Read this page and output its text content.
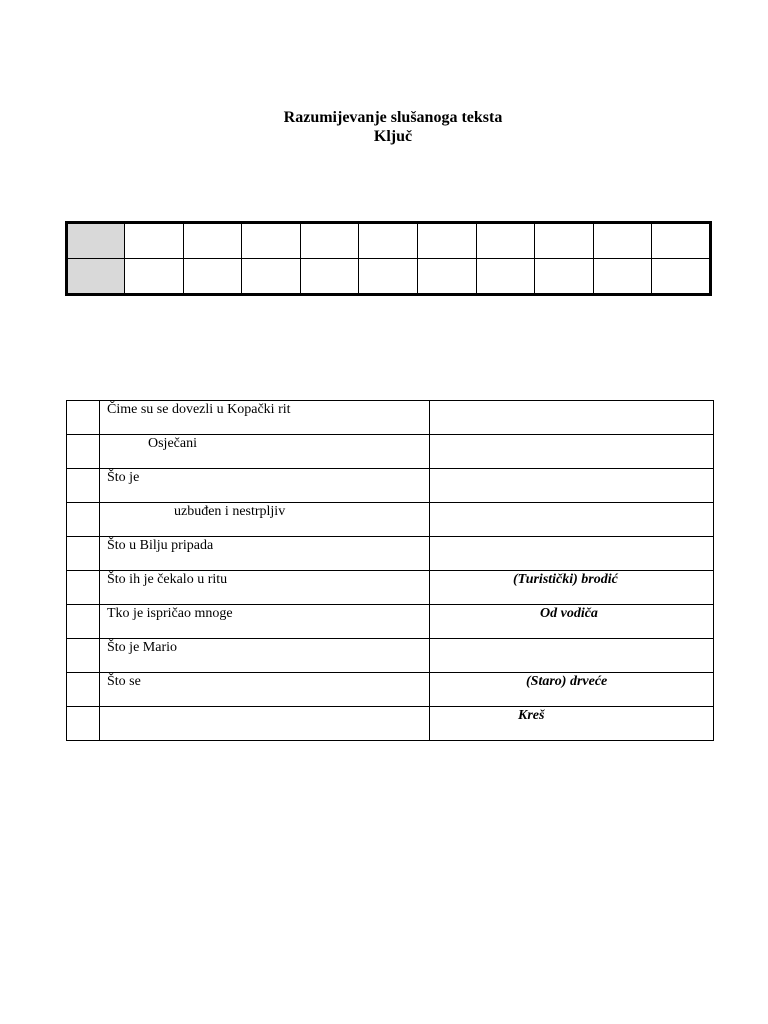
Razumijevanje slušanoga teksta
Ključ

	Čime su se dovezli u Kopački rit	

	Osječani	

	Što je	

	uzbuđen i nestrpljiv	

	Što u Bilju pripada	

	Što ih je čekalo u ritu	(Turistički) brodić

	Tko je ispričao mnoge	Od vodiča

	Što je Mario	

	Što se	(Staro) drveće

		Kreš
